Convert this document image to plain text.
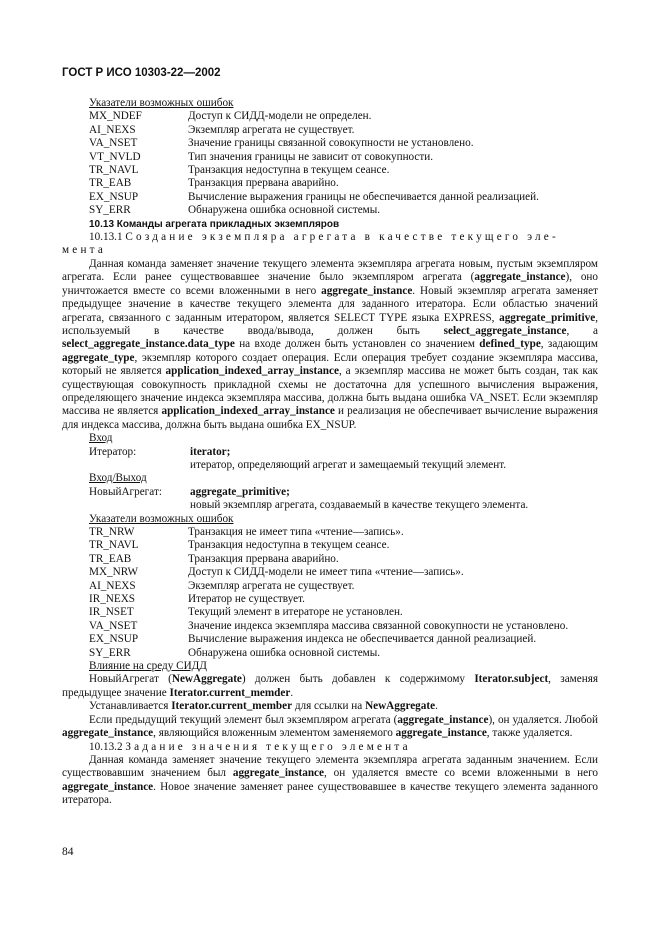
ГОСТ Р ИСО 10303-22—2002
Указатели возможных ошибок
MX_NDEF	Доступ к СИДД-модели не определен.
AI_NEXS	Экземпляр агрегата не существует.
VA_NSET	Значение границы связанной совокупности не установлено.
VT_NVLD	Тип значения границы не зависит от совокупности.
TR_NAVL	Транзакция недоступна в текущем сеансе.
TR_EAB	Транзакция прервана аварийно.
EX_NSUP	Вычисление выражения границы не обеспечивается данной реализацией.
SY_ERR	Обнаружена ошибка основной системы.
10.13 Команды агрегата прикладных экземпляров
10.13.1 Создание экземпляра агрегата в качестве текущего эле-
мента
Данная команда заменяет значение текущего элемента экземпляра агрегата новым, пустым экземпляром агрегата. Если ранее существовавшее значение было экземпляром агрегата (aggregate_instance), оно уничтожается вместе со всеми вложенными в него aggregate_instance. Новый экземпляр агрегата заменяет предыдущее значение в качестве текущего элемента для заданного итератора. Если областью значений агрегата, связанного с заданным итератором, является SELECT TYPE языка EXPRESS, aggregate_primitive, используемый в качестве ввода/вывода, должен быть select_aggregate_instance, а select_aggregate_instance.data_type на входе должен быть установлен со значением defined_type, задающим aggregate_type, экземпляр которого создает операция. Если операция требует создание экземпляра массива, который не является application_indexed_array_instance, а экземпляр массива не может быть создан, так как существующая совокупность прикладной схемы не достаточна для успешного вычисления выражения, определяющего значение индекса экземпляра массива, должна быть выдана ошибка VA_NSET. Если экземпляр массива не является application_indexed_array_instance и реализация не обеспечивает вычисление выражения для индекса массива, должна быть выдана ошибка EX_NSUP.
Вход
Итератор:	iterator;
итератор, определяющий агрегат и замещаемый текущий элемент.
Вход/Выход
НовыйАгрегат:	aggregate_primitive;
новый экземпляр агрегата, создаваемый в качестве текущего элемента.
Указатели возможных ошибок
TR_NRW	Транзакция не имеет типа «чтение—запись».
TR_NAVL	Транзакция недоступна в текущем сеансе.
TR_EAB	Транзакция прервана аварийно.
MX_NRW	Доступ к СИДД-модели не имеет типа «чтение—запись».
AI_NEXS	Экземпляр агрегата не существует.
IR_NEXS	Итератор не существует.
IR_NSET	Текущий элемент в итераторе не установлен.
VA_NSET	Значение индекса экземпляра массива связанной совокупности не установлено.
EX_NSUP	Вычисление выражения индекса не обеспечивается данной реализацией.
SY_ERR	Обнаружена ошибка основной системы.
Влияние на среду СИДД
НовыйАгрегат (NewAggregate) должен быть добавлен к содержимому Iterator.subject, заменяя предыдущее значение Iterator.current_memder.
Устанавливается Iterator.current_member для ссылки на NewAggregate.
Если предыдущий текущий элемент был экземпляром агрегата (aggregate_instance), он удаляется. Любой aggregate_instance, являющийся вложенным элементом заменяемого aggregate_instance, также удаляется.
10.13.2 Задание значения текущего элемента
Данная команда заменяет значение текущего элемента экземпляра агрегата заданным значением. Если существовавшим значением был aggregate_instance, он удаляется вместе со всеми вложенными в него aggregate_instance. Новое значение заменяет ранее существовавшее в качестве текущего элемента заданного итератора.
84
